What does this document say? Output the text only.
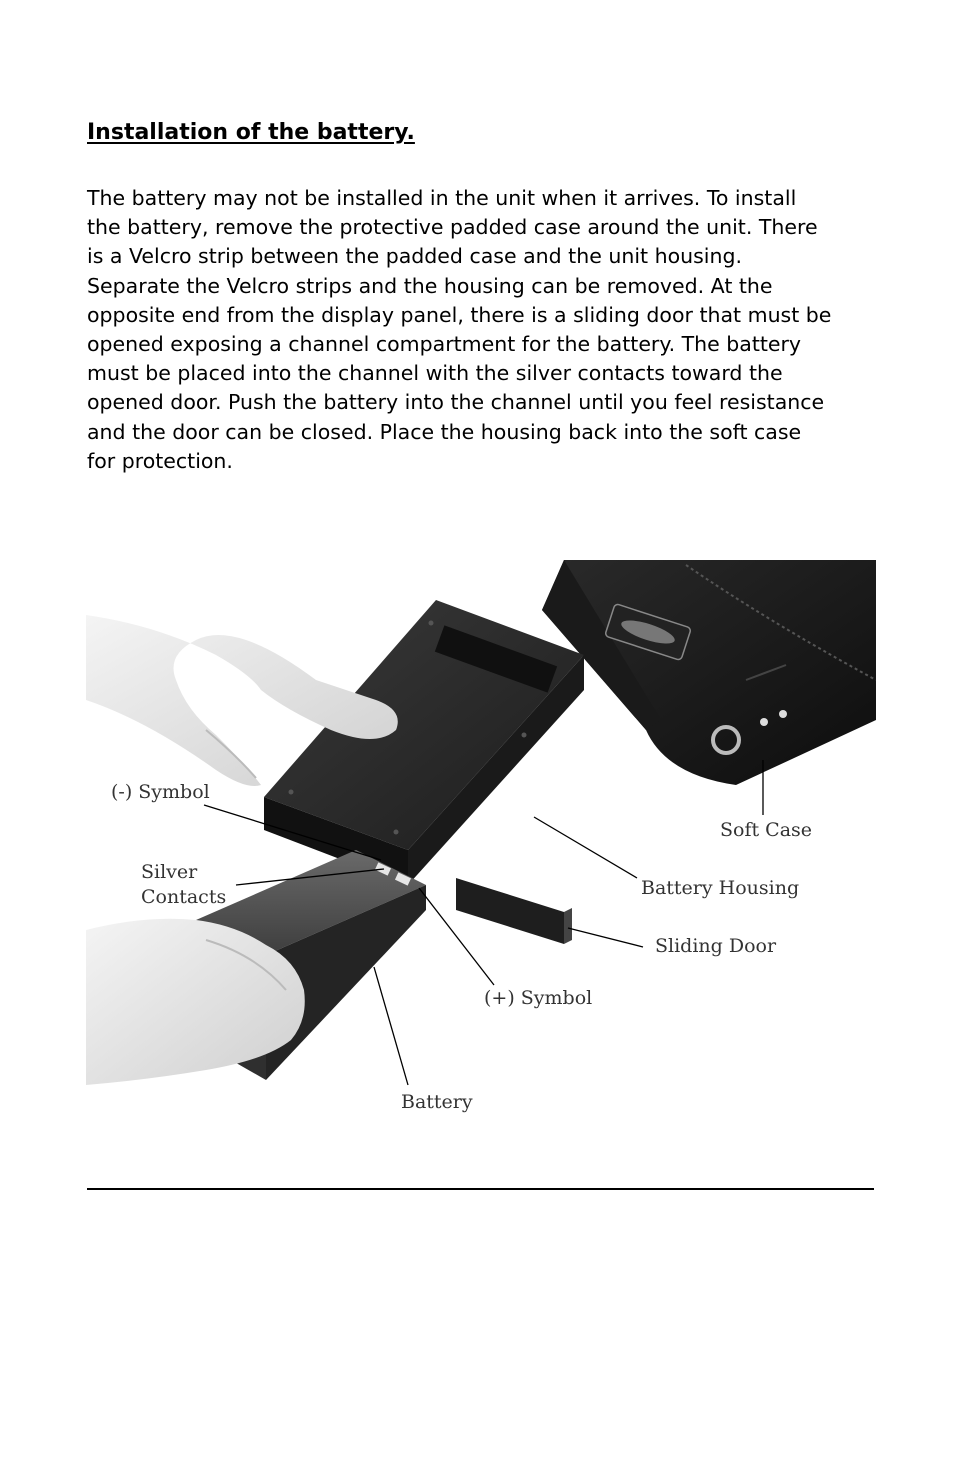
Installation of the battery.
The battery may not be installed in the unit when it arrives. To install
the battery, remove the protective padded case around the unit. There
is a Velcro strip between the padded case and the unit housing.
Separate the Velcro strips and the housing can be removed. At the
opposite end from the display panel, there is a sliding door that must be
opened exposing a channel compartment for the battery. The battery
must be placed into the channel with the silver contacts toward the
opened door. Push the battery into the channel until you feel resistance
and the door can be closed. Place the housing back into the soft case
for protection.
(-) Symbol
Silver
Contacts
Soft Case
Battery Housing
Sliding Door
(+) Symbol
Battery
